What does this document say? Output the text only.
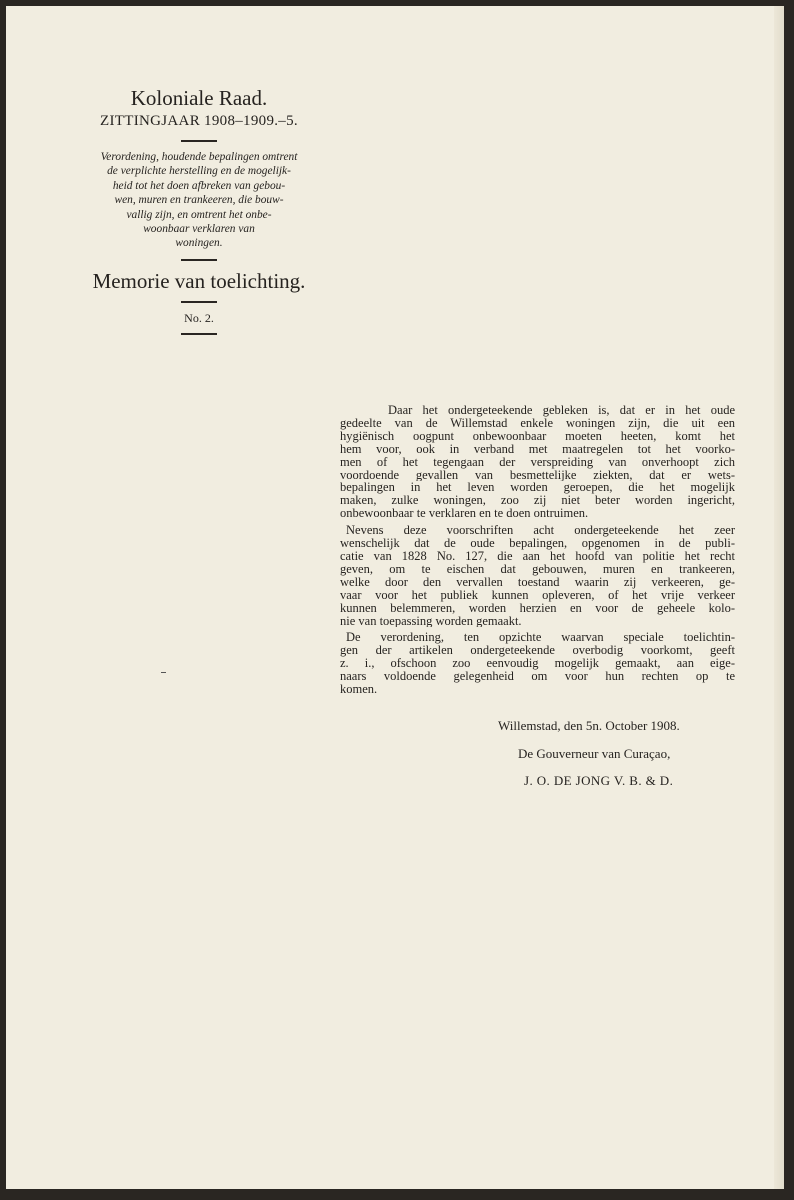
Koloniale Raad.
ZITTINGJAAR 1908–1909.–5.
Verordening, houdende bepalingen omtrent
de verplichte herstelling en de mogelijk-
heid tot het doen afbreken van gebou-
wen, muren en trankeeren, die bouw-
vallig zijn, en omtrent het onbe-
woonbaar verklaren van
woningen.
Memorie van toelichting.
No. 2.
Daar het ondergeteekende gebleken is, dat er in het oude
gedeelte van de Willemstad enkele woningen zijn, die uit een
hygiënisch oogpunt onbewoonbaar moeten heeten, komt het
hem voor, ook in verband met maatregelen tot het voorko-
men of het tegengaan der verspreiding van onverhoopt zich
voordoende gevallen van besmettelijke ziekten, dat er wets-
bepalingen in het leven worden geroepen, die het mogelijk
maken, zulke woningen, zoo zij niet beter worden ingericht,
onbewoonbaar te verklaren en te doen ontruimen.
Nevens deze voorschriften acht ondergeteekende het zeer
wenschelijk dat de oude bepalingen, opgenomen in de publi-
catie van 1828 No. 127, die aan het hoofd van politie het recht
geven, om te eischen dat gebouwen, muren en trankeeren,
welke door den vervallen toestand waarin zij verkeeren, ge-
vaar voor het publiek kunnen opleveren, of het vrije verkeer
kunnen belemmeren, worden herzien en voor de geheele kolo-
nie van toepassing worden gemaakt.
De verordening, ten opzichte waarvan speciale toelichtin-
gen der artikelen ondergeteekende overbodig voorkomt, geeft
z. i., ofschoon zoo eenvoudig mogelijk gemaakt, aan eige-
naars voldoende gelegenheid om voor hun rechten op te
komen.
Willemstad, den 5n. October 1908.
De Gouverneur van Curaçao,
J. O. DE JONG V. B. & D.
